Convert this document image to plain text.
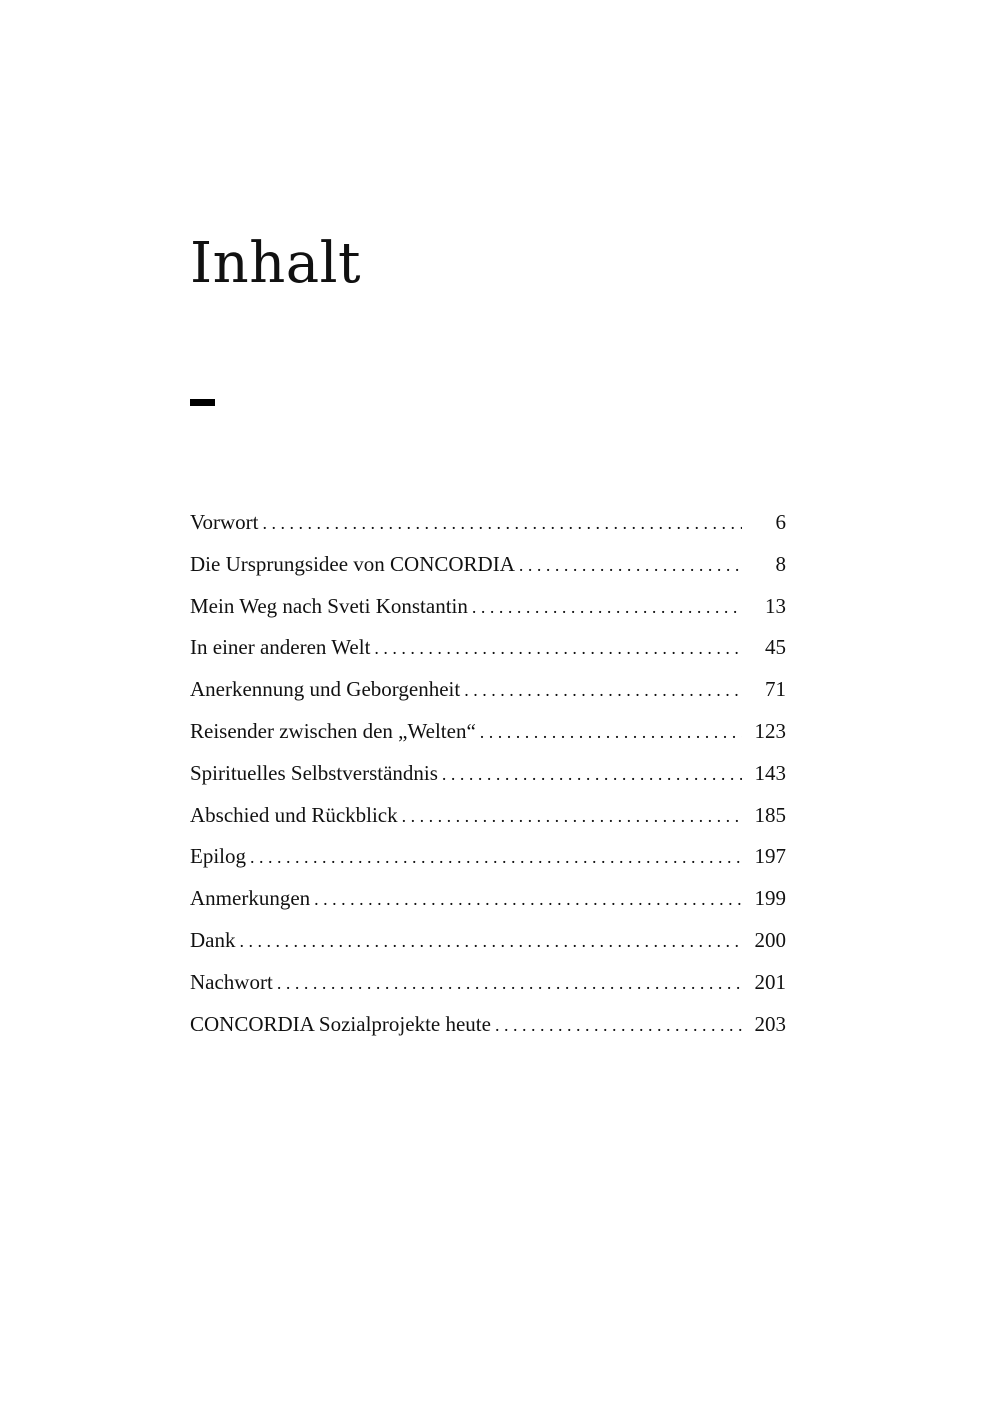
Inhalt
Vorwort . . .	6
Die Ursprungsidee von CONCORDIA . . .	8
Mein Weg nach Sveti Konstantin . . .	13
In einer anderen Welt . . .	45
Anerkennung und Geborgenheit . . .	71
Reisender zwischen den „Welten“ . . .	123
Spirituelles Selbstverständnis . . .	143
Abschied und Rückblick . . .	185
Epilog . . .	197
Anmerkungen . . .	199
Dank . . .	200
Nachwort . . .	201
CONCORDIA Sozialprojekte heute . . .	203
